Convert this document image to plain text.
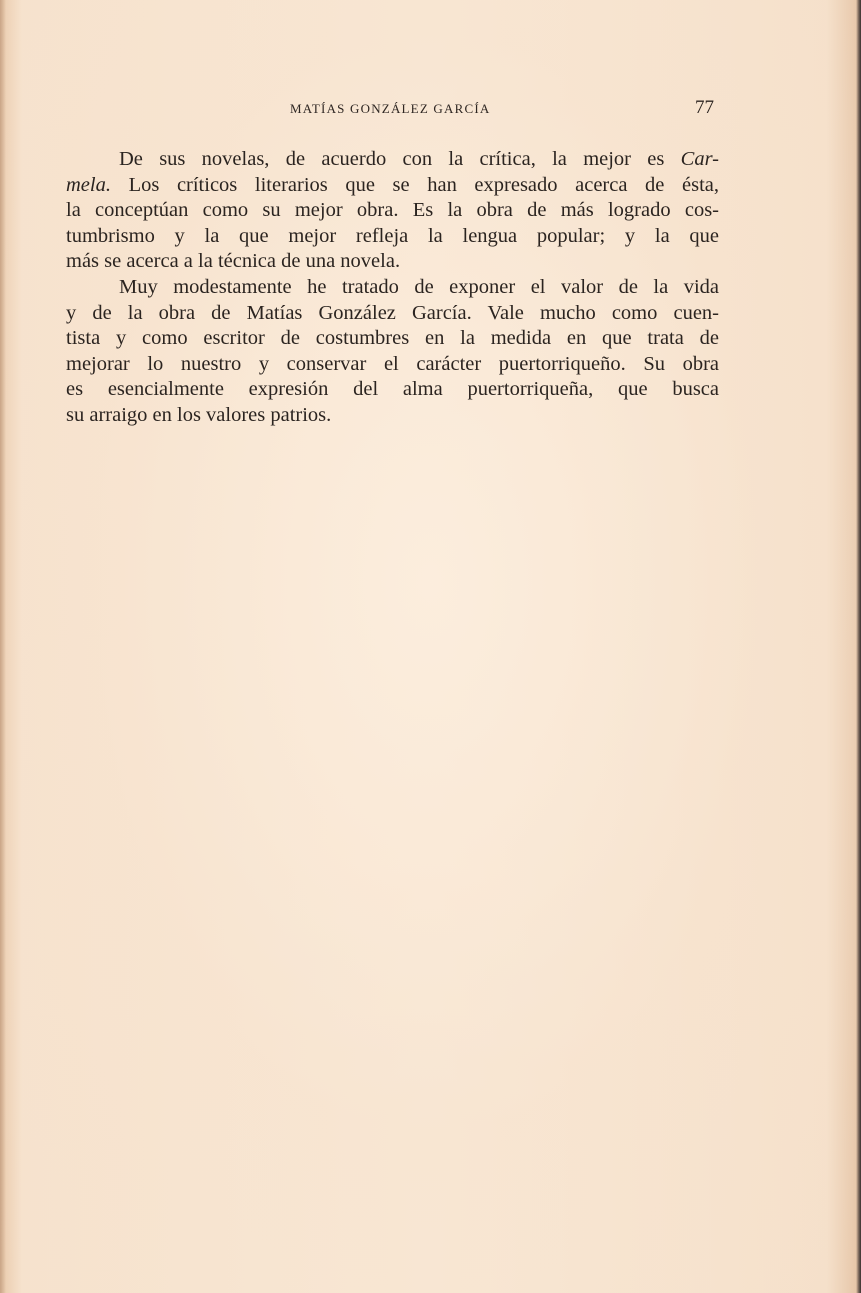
MATÍAS GONZÁLEZ GARCÍA	77
De sus novelas, de acuerdo con la crítica, la mejor es Car-
mela. Los críticos literarios que se han expresado acerca de ésta,
la conceptúan como su mejor obra. Es la obra de más logrado cos-
tumbrismo y la que mejor refleja la lengua popular; y la que
más se acerca a la técnica de una novela.
Muy modestamente he tratado de exponer el valor de la vida
y de la obra de Matías González García. Vale mucho como cuen-
tista y como escritor de costumbres en la medida en que trata de
mejorar lo nuestro y conservar el carácter puertorriqueño. Su obra
es esencialmente expresión del alma puertorriqueña, que busca
su arraigo en los valores patrios.
